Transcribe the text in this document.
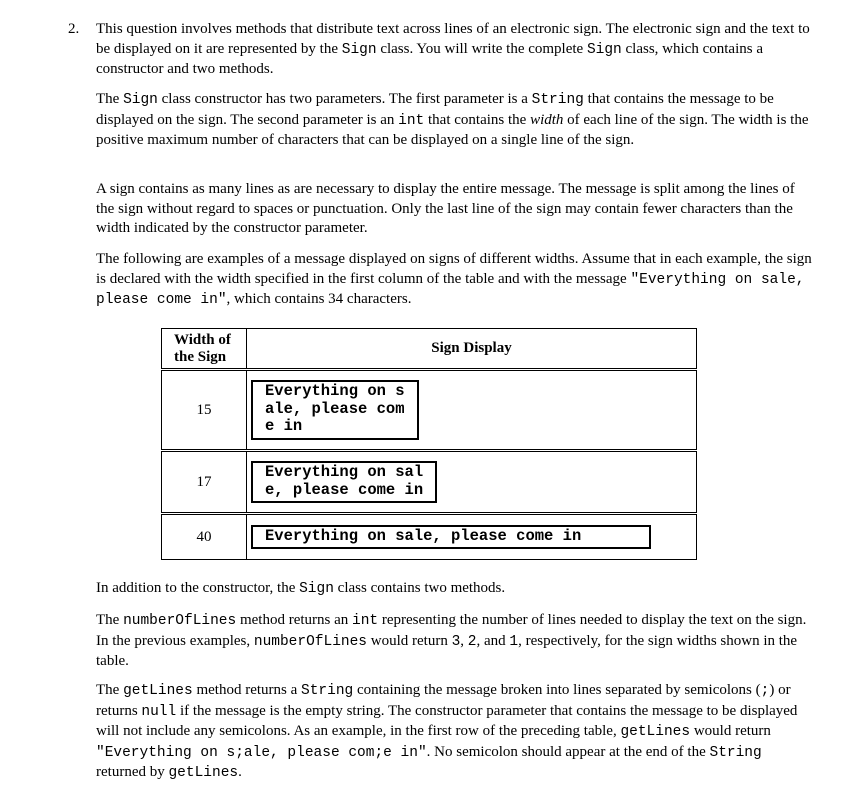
2. This question involves methods that distribute text across lines of an electronic sign. The electronic sign and the text to be displayed on it are represented by the Sign class. You will write the complete Sign class, which contains a constructor and two methods.
The Sign class constructor has two parameters. The first parameter is a String that contains the message to be displayed on the sign. The second parameter is an int that contains the width of each line of the sign. The width is the positive maximum number of characters that can be displayed on a single line of the sign.
A sign contains as many lines as are necessary to display the entire message. The message is split among the lines of the sign without regard to spaces or punctuation. Only the last line of the sign may contain fewer characters than the width indicated by the constructor parameter.
The following are examples of a message displayed on signs of different widths. Assume that in each example, the sign is declared with the width specified in the first column of the table and with the message "Everything on sale, please come in", which contains 34 characters.
Width of the Sign	Sign Display
15	Everything on s
ale, please com
e in
17	Everything on sal
e, please come in
40	Everything on sale, please come in
In addition to the constructor, the Sign class contains two methods.
The numberOfLines method returns an int representing the number of lines needed to display the text on the sign. In the previous examples, numberOfLines would return 3, 2, and 1, respectively, for the sign widths shown in the table.
The getLines method returns a String containing the message broken into lines separated by semicolons (;) or returns null if the message is the empty string. The constructor parameter that contains the message to be displayed will not include any semicolons. As an example, in the first row of the preceding table, getLines would return "Everything on s;ale, please com;e in". No semicolon should appear at the end of the String returned by getLines.
